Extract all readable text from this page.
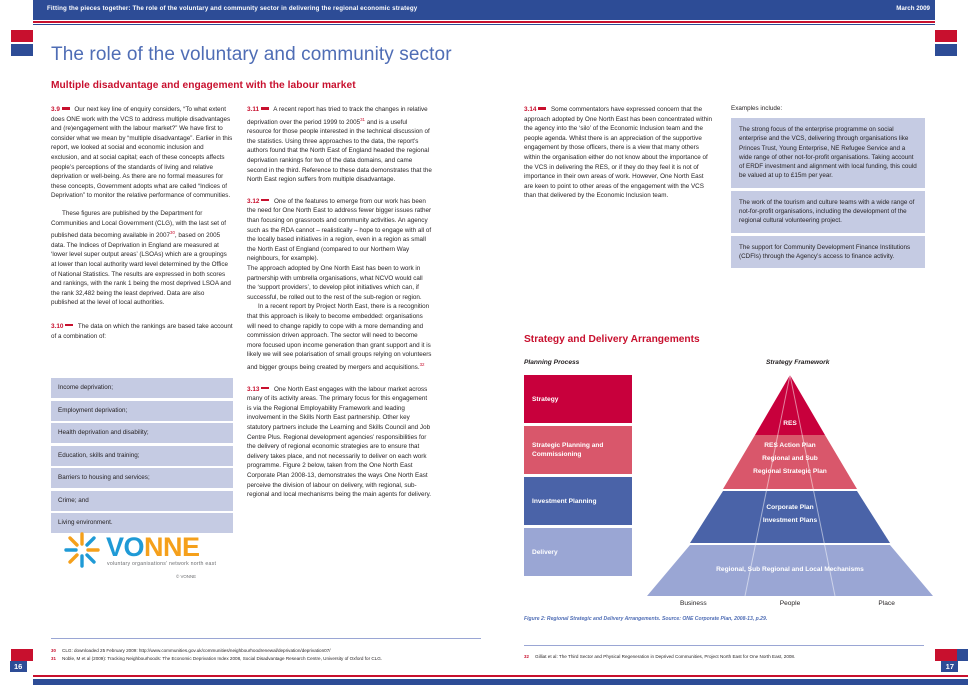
Fitting the pieces together: The role of the voluntary and community sector in delivering the regional economic strategy	March 2009
The role of the voluntary and community sector
Multiple disadvantage and engagement with the labour market

3.9 Our next key line of enquiry considers, “To what extent does ONE work with the VCS to address multiple disadvantages and (re)engagement with the labour market?” We have first to consider what we mean by “multiple disadvantage”. Earlier in this report, we looked at social and economic inclusion and exclusion, and at social capital; each of these concepts affects people’s perceptions of the standards of living and relative deprivation or well-being. As there are no formal measures for these concepts, Government adopts what are called “Indices of Deprivation” to monitor the relative performance of communities.

These figures are published by the Department for Communities and Local Government (CLG), with the last set of published data becoming available in 2007$^{30}$, based on 2005 data. The Indices of Deprivation in England are measured at ‘lower level super output areas’ (LSOAs) which are a groupings at lower than local authority ward level determined by the Office of National Statistics. The results are expressed in both scores and rankings, with the rank 1 being the most deprived LSOA and the rank 32,482 being the least deprived. Data are also published at the level of local authorities.

3.10 The data on which the rankings are based take account of a combination of:

Income deprivation;
Employment deprivation;
Health deprivation and disability;
Education, skills and training;
Barriers to housing and services;
Crime; and
Living environment.
VONNE
voluntary organisations’ network north east
© VONNE

3.11 A recent report has tried to track the changes in relative deprivation over the period 1999 to 2005$^{31}$ and is a useful resource for those people interested in the technical discussion of the statistics. Using three approaches to the data, the report’s authors found that the North East of England headed the regional deprivation rankings for two of the data domains, and came second in the third. Reference to these data demonstrates that the North East region suffers from multiple disadvantage.

3.12 One of the features to emerge from our work has been the need for One North East to address fewer bigger issues rather than focusing on grassroots and community activities. An agency such as the RDA cannot – realistically – hope to engage with all of the locally based initiatives in a region, even in a region as small the North East of England (compared to our Northern Way neighbours, for example).

The approach adopted by One North East has been to work in partnership with umbrella organisations, what NCVO would call the ‘support providers’, to develop pilot initiatives which can, if successful, be rolled out to the rest of the sub-region or region.

In a recent report by Project North East, there is a recognition that this approach is likely to become embedded: organisations will need to change rapidly to cope with a more demanding and commission driven approach. The sector will need to become more focused upon income generation than grant support and it is likely we will see polarisation of small groups relying on volunteers and bigger groups being created by mergers and acquisitions.$^{32}$

3.13 One North East engages with the labour market across many of its activity areas. The primary focus for this engagement is via the Regional Employability Framework and leading involvement in the Skills North East partnership. Other key statutory partners include the Learning and Skills Council and Job Centre Plus. Regional development agencies’ responsibilities for the delivery of regional economic strategies are to ensure that delivery takes place, and not necessarily to deliver on each work programme. Figure 2 below, taken from the One North East Corporate Plan 2008-13, demonstrates the ways One North East perceive the division of labour on delivery, with regional, sub-regional and local mechanisms being the main agents for delivery.

3.14 Some commentators have expressed concern that the approach adopted by One North East has been concentrated within the agency into the ‘silo’ of the Economic Inclusion team and the people agenda. Whilst there is an appreciation of the supportive engagement by those officers, there is a view that many others within the organisation either do not know about the importance of the VCS in delivering the RES, or if they do they feel it is not of importance in their own areas of work. However, One North East are keen to point to other areas of the engagement with the VCS than that delivered by the Economic Inclusion team.

Examples include:
The strong focus of the enterprise programme on social enterprise and the VCS, delivering through organisations like Princes Trust, Young Enterprise, NE Refugee Service and a wide range of other not-for-profit organisations. Taking account of ERDF investment and alignment with local funding, this could be valued at up to £15m per year.
The work of the tourism and culture teams with a wide range of not-for-profit organisations, including the development of the regional cultural volunteering project.
The support for Community Development Finance Institutions (CDFIs) through the Agency’s access to finance activity.
Strategy and Delivery Arrangements
Planning Process	Strategy Framework
Strategy
Strategic Planning and Commissioning
Investment Planning
Delivery
RES
RES Action Plan
Regional and Sub
Regional Strategic Plan
Corporate Plan
Investment Plans
Regional, Sub Regional and Local Mechanisms
Business	People	Place
Figure 2: Regional Strategic and Delivery Arrangements. Source: ONE Corporate Plan, 2008-13, p.29.
30 CLG: downloaded 25 February 2009: http://www.communities.gov.uk/communities/neighbourhoodrenewal/deprivation/deprivation07/
31 Noble, M et al (2009): Tracking Neighbourhoods: The Economic Deprivation Index 2008, Social Disadvantage Research Centre, University of Oxford for CLG.	32 Gilliat et al: The Third Sector and Physical Regeneration in Deprived Communities, Project North East for One North East, 2008.
16	17
